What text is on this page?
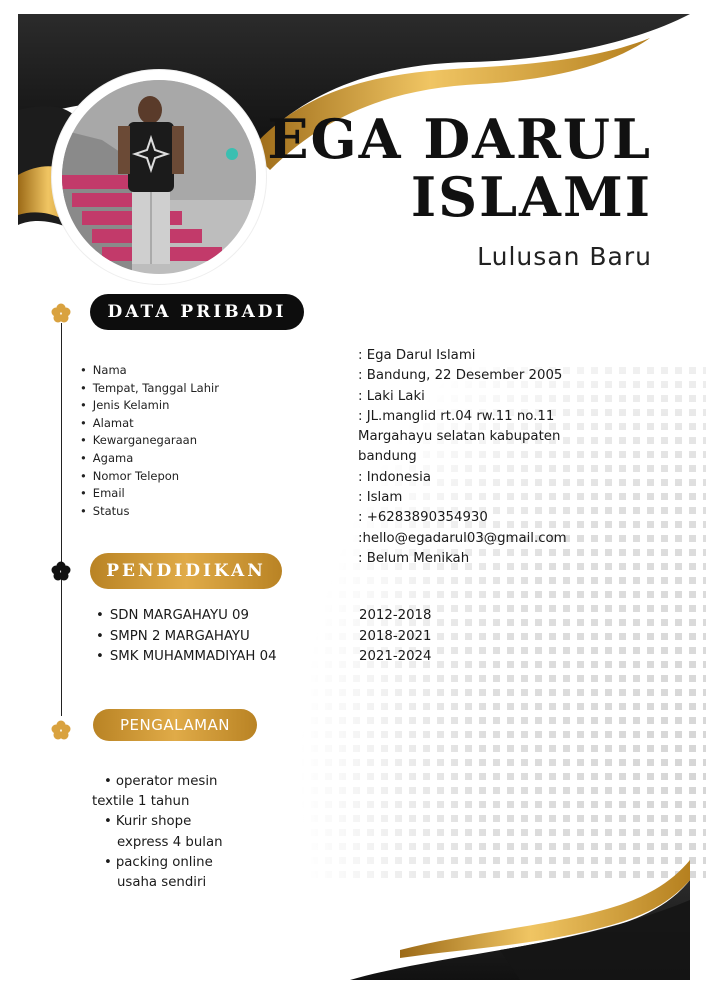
EGA DARUL
ISLAMI
Lulusan Baru
DATA PRIBADI
PENDIDIKAN
PENGALAMAN
• Nama
• Tempat, Tanggal Lahir
• Jenis Kelamin
• Alamat
• Kewarganegaraan
• Agama
• Nomor Telepon
• Email
• Status
: Ega Darul Islami
: Bandung, 22 Desember 2005
: Laki Laki
: JL.manglid rt.04 rw.11 no.11
Margahayu selatan kabupaten
bandung
: Indonesia
: Islam
: +6283890354930
:hello@egadarul03@gmail.com
: Belum Menikah
• SDN MARGAHAYU 09
• SMPN 2 MARGAHAYU
• SMK MUHAMMADIYAH 04
2012-2018
2018-2021
2021-2024
• operator mesin
textile 1 tahun
• Kurir shope
express 4 bulan
• packing online
usaha sendiri
